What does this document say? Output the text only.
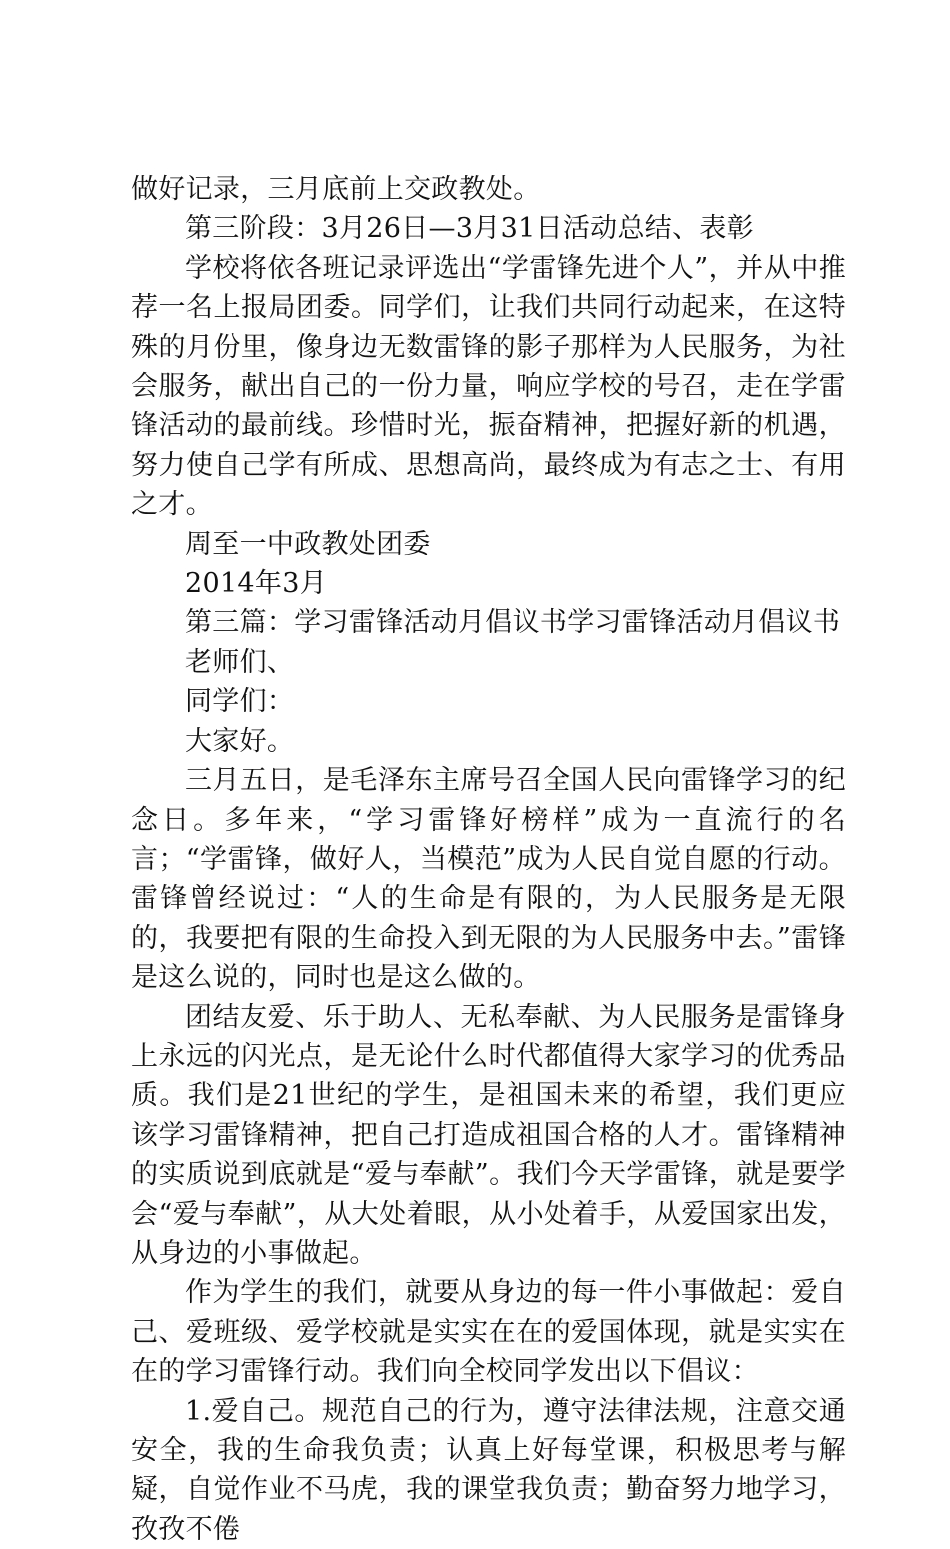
做好记录，三月底前上交政教处。

第三阶段：3月26日—3月31日活动总结、表彰

学校将依各班记录评选出“学雷锋先进个人”，并从中推荐一名上报局团委。同学们，让我们共同行动起来，在这特殊的月份里，像身边无数雷锋的影子那样为人民服务，为社会服务，献出自己的一份力量，响应学校的号召，走在学雷锋活动的最前线。珍惜时光，振奋精神，把握好新的机遇，努力使自己学有所成、思想高尚，最终成为有志之士、有用之才。

周至一中政教处团委

2014年3月

第三篇：学习雷锋活动月倡议书学习雷锋活动月倡议书

老师们、

同学们：

大家好。

三月五日，是毛泽东主席号召全国人民向雷锋学习的纪念日。多年来，“学习雷锋好榜样”成为一直流行的名言；“学雷锋，做好人，当模范”成为人民自觉自愿的行动。雷锋曾经说过：“人的生命是有限的，为人民服务是无限的，我要把有限的生命投入到无限的为人民服务中去。”雷锋是这么说的，同时也是这么做的。

团结友爱、乐于助人、无私奉献、为人民服务是雷锋身上永远的闪光点，是无论什么时代都值得大家学习的优秀品质。我们是21世纪的学生，是祖国未来的希望，我们更应该学习雷锋精神，把自己打造成祖国合格的人才。雷锋精神的实质说到底就是“爱与奉献”。我们今天学雷锋，就是要学会“爱与奉献”，从大处着眼，从小处着手，从爱国家出发，从身边的小事做起。

作为学生的我们，就要从身边的每一件小事做起：爱自己、爱班级、爱学校就是实实在在的爱国体现，就是实实在在的学习雷锋行动。我们向全校同学发出以下倡议：

1.爱自己。规范自己的行为，遵守法律法规，注意交通安全，我的生命我负责；认真上好每堂课，积极思考与解疑，自觉作业不马虎，我的课堂我负责；勤奋努力地学习，孜孜不倦
